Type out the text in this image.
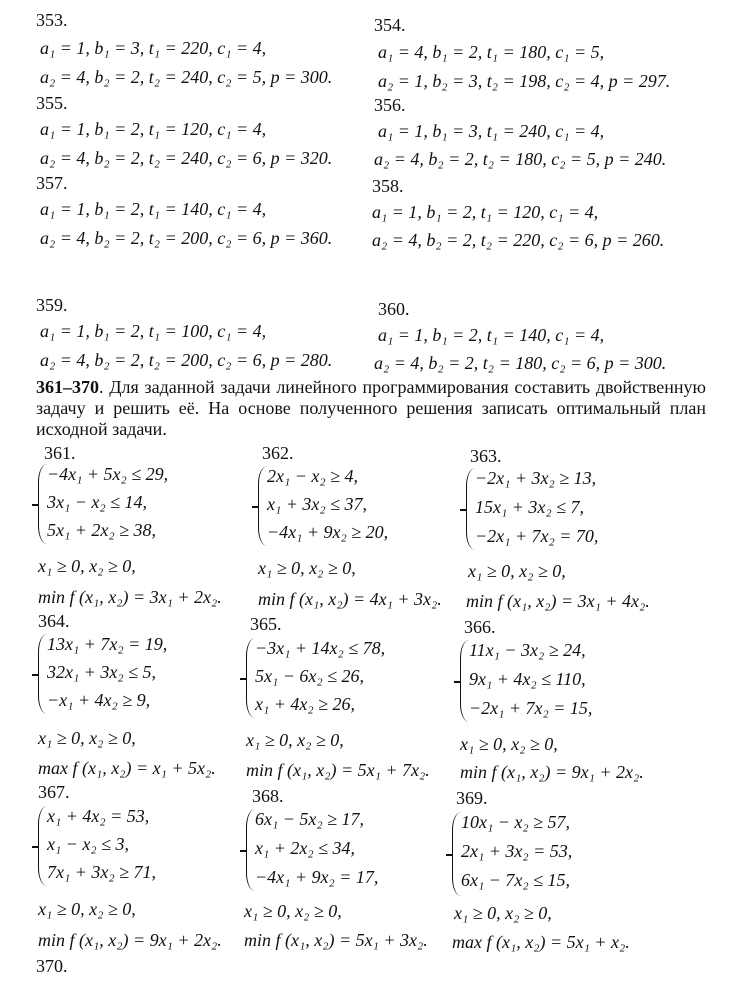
353.
a₁ = 1, b₁ = 3, t₁ = 220, c₁ = 4,
a₂ = 4, b₂ = 2, t₂ = 240, c₂ = 5, p = 300.
354.
a₁ = 4, b₁ = 2, t₁ = 180, c₁ = 5,
a₂ = 1, b₂ = 3, t₂ = 198, c₂ = 4, p = 297.
355.
a₁ = 1, b₁ = 2, t₁ = 120, c₁ = 4,
a₂ = 4, b₂ = 2, t₂ = 240, c₂ = 6, p = 320.
356.
a₁ = 1, b₁ = 3, t₁ = 240, c₁ = 4,
a₂ = 4, b₂ = 2, t₂ = 180, c₂ = 5, p = 240.
357.
a₁ = 1, b₁ = 2, t₁ = 140, c₁ = 4,
a₂ = 4, b₂ = 2, t₂ = 200, c₂ = 6, p = 360.
358.
a₁ = 1, b₁ = 2, t₁ = 120, c₁ = 4,
a₂ = 4, b₂ = 2, t₂ = 220, c₂ = 6, p = 260.
359.
a₁ = 1, b₁ = 2, t₁ = 100, c₁ = 4,
a₂ = 4, b₂ = 2, t₂ = 200, c₂ = 6, p = 280.
360.
a₁ = 1, b₁ = 2, t₁ = 140, c₁ = 4,
a₂ = 4, b₂ = 2, t₂ = 180, c₂ = 6, p = 300.
361–370. Для заданной задачи линейного программирования составить двойственную задачу и решить её. На основе полученного решения записать оптимальный план исходной задачи.
361.
−4x₁ + 5x₂ ≤ 29,
3x₁ − x₂ ≤ 14,
5x₁ + 2x₂ ≥ 38,
x₁ ≥ 0, x₂ ≥ 0,
min f (x₁, x₂) = 3x₁ + 2x₂.
362.
2x₁ − x₂ ≥ 4,
x₁ + 3x₂ ≤ 37,
−4x₁ + 9x₂ ≥ 20,
x₁ ≥ 0, x₂ ≥ 0,
min f (x₁, x₂) = 4x₁ + 3x₂.
363.
−2x₁ + 3x₂ ≥ 13,
15x₁ + 3x₂ ≤ 7,
−2x₁ + 7x₂ = 70,
x₁ ≥ 0, x₂ ≥ 0,
min f (x₁, x₂) = 3x₁ + 4x₂.
364.
13x₁ + 7x₂ = 19,
32x₁ + 3x₂ ≤ 5,
−x₁ + 4x₂ ≥ 9,
x₁ ≥ 0, x₂ ≥ 0,
max f (x₁, x₂) = x₁ + 5x₂.
365.
−3x₁ + 14x₂ ≤ 78,
5x₁ − 6x₂ ≤ 26,
x₁ + 4x₂ ≥ 26,
x₁ ≥ 0, x₂ ≥ 0,
min f (x₁, x₂) = 5x₁ + 7x₂.
366.
11x₁ − 3x₂ ≥ 24,
9x₁ + 4x₂ ≤ 110,
−2x₁ + 7x₂ = 15,
x₁ ≥ 0, x₂ ≥ 0,
min f (x₁, x₂) = 9x₁ + 2x₂.
367.
x₁ + 4x₂ = 53,
x₁ − x₂ ≤ 3,
7x₁ + 3x₂ ≥ 71,
x₁ ≥ 0, x₂ ≥ 0,
min f (x₁, x₂) = 9x₁ + 2x₂.
368.
6x₁ − 5x₂ ≥ 17,
x₁ + 2x₂ ≤ 34,
−4x₁ + 9x₂ = 17,
x₁ ≥ 0, x₂ ≥ 0,
min f (x₁, x₂) = 5x₁ + 3x₂.
369.
10x₁ − x₂ ≥ 57,
2x₁ + 3x₂ = 53,
6x₁ − 7x₂ ≤ 15,
x₁ ≥ 0, x₂ ≥ 0,
max f (x₁, x₂) = 5x₁ + x₂.
370.
